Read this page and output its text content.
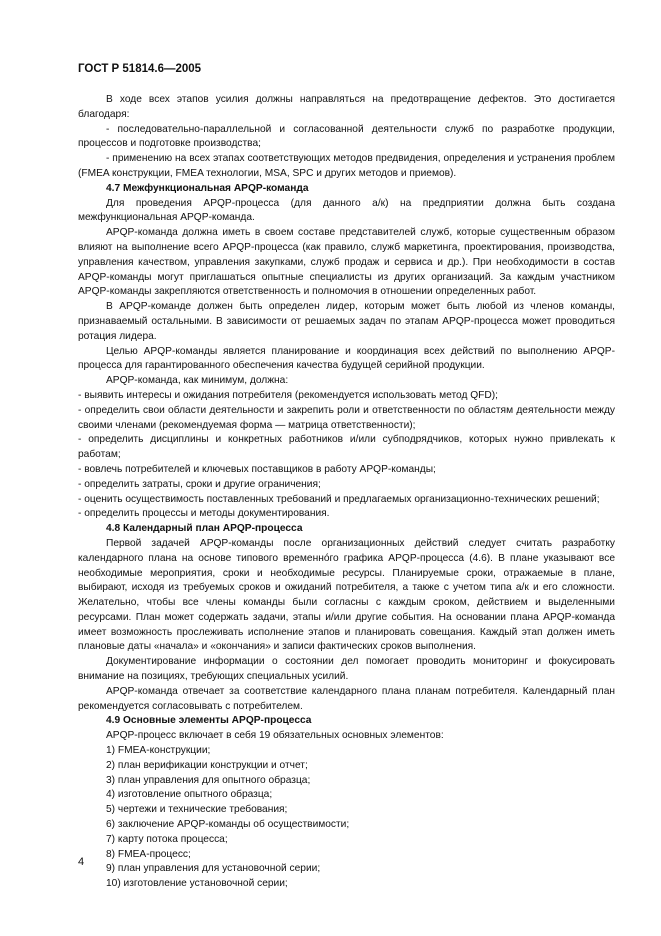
ГОСТ Р 51814.6—2005

В ходе всех этапов усилия должны направляться на предотвращение дефектов. Это достигается благодаря:

- последовательно-параллельной и согласованной деятельности служб по разработке продукции, процессов и подготовке производства;

- применению на всех этапах соответствующих методов предвидения, определения и устранения проблем (FMEA конструкции, FMEA технологии, MSA, SPC и других методов и приемов).

4.7 Межфункциональная APQP-команда

Для проведения APQP-процесса (для данного а/к) на предприятии должна быть создана межфункциональная APQP-команда.

APQP-команда должна иметь в своем составе представителей служб, которые существенным образом влияют на выполнение всего APQP-процесса (как правило, служб маркетинга, проектирования, производства, управления качеством, управления закупками, служб продаж и сервиса и др.). При необходимости в состав APQP-команды могут приглашаться опытные специалисты из других организаций. За каждым участником APQP-команды закрепляются ответственность и полномочия в отношении определенных работ.

В APQP-команде должен быть определен лидер, которым может быть любой из членов команды, признаваемый остальными. В зависимости от решаемых задач по этапам APQP-процесса может проводиться ротация лидера.

Целью APQP-команды является планирование и координация всех действий по выполнению APQP-процесса для гарантированного обеспечения качества будущей серийной продукции.

APQP-команда, как минимум, должна:

- выявить интересы и ожидания потребителя (рекомендуется использовать метод QFD);

- определить свои области деятельности и закрепить роли и ответственности по областям деятельности между своими членами (рекомендуемая форма — матрица ответственности);

- определить дисциплины и конкретных работников и/или субподрядчиков, которых нужно привлекать к работам;

- вовлечь потребителей и ключевых поставщиков в работу APQP-команды;

- определить затраты, сроки и другие ограничения;

- оценить осуществимость поставленных требований и предлагаемых организационно-технических решений;

- определить процессы и методы документирования.

4.8 Календарный план APQP-процесса

Первой задачей APQP-команды после организационных действий следует считать разработку календарного плана на основе типового временно́го графика APQP-процесса (4.6). В плане указывают все необходимые мероприятия, сроки и необходимые ресурсы. Планируемые сроки, отражаемые в плане, выбирают, исходя из требуемых сроков и ожиданий потребителя, а также с учетом типа а/к и его сложности. Желательно, чтобы все члены команды были согласны с каждым сроком, действием и выделенными ресурсами. План может содержать задачи, этапы и/или другие события. На основании плана APQP-команда имеет возможность прослеживать исполнение этапов и планировать совещания. Каждый этап должен иметь плановые даты «начала» и «окончания» и записи фактических сроков выполнения.

Документирование информации о состоянии дел помогает проводить мониторинг и фокусировать внимание на позициях, требующих специальных усилий.

APQP-команда отвечает за соответствие календарного плана планам потребителя. Календарный план рекомендуется согласовывать с потребителем.

4.9 Основные элементы APQP-процесса

APQP-процесс включает в себя 19 обязательных основных элементов:

1) FMEA-конструкции;

2) план верификации конструкции и отчет;

3) план управления для опытного образца;

4) изготовление опытного образца;

5) чертежи и технические требования;

6) заключение APQP-команды об осуществимости;

7) карту потока процесса;

8) FMEA-процесс;

9) план управления для установочной серии;

10) изготовление установочной серии;

4
